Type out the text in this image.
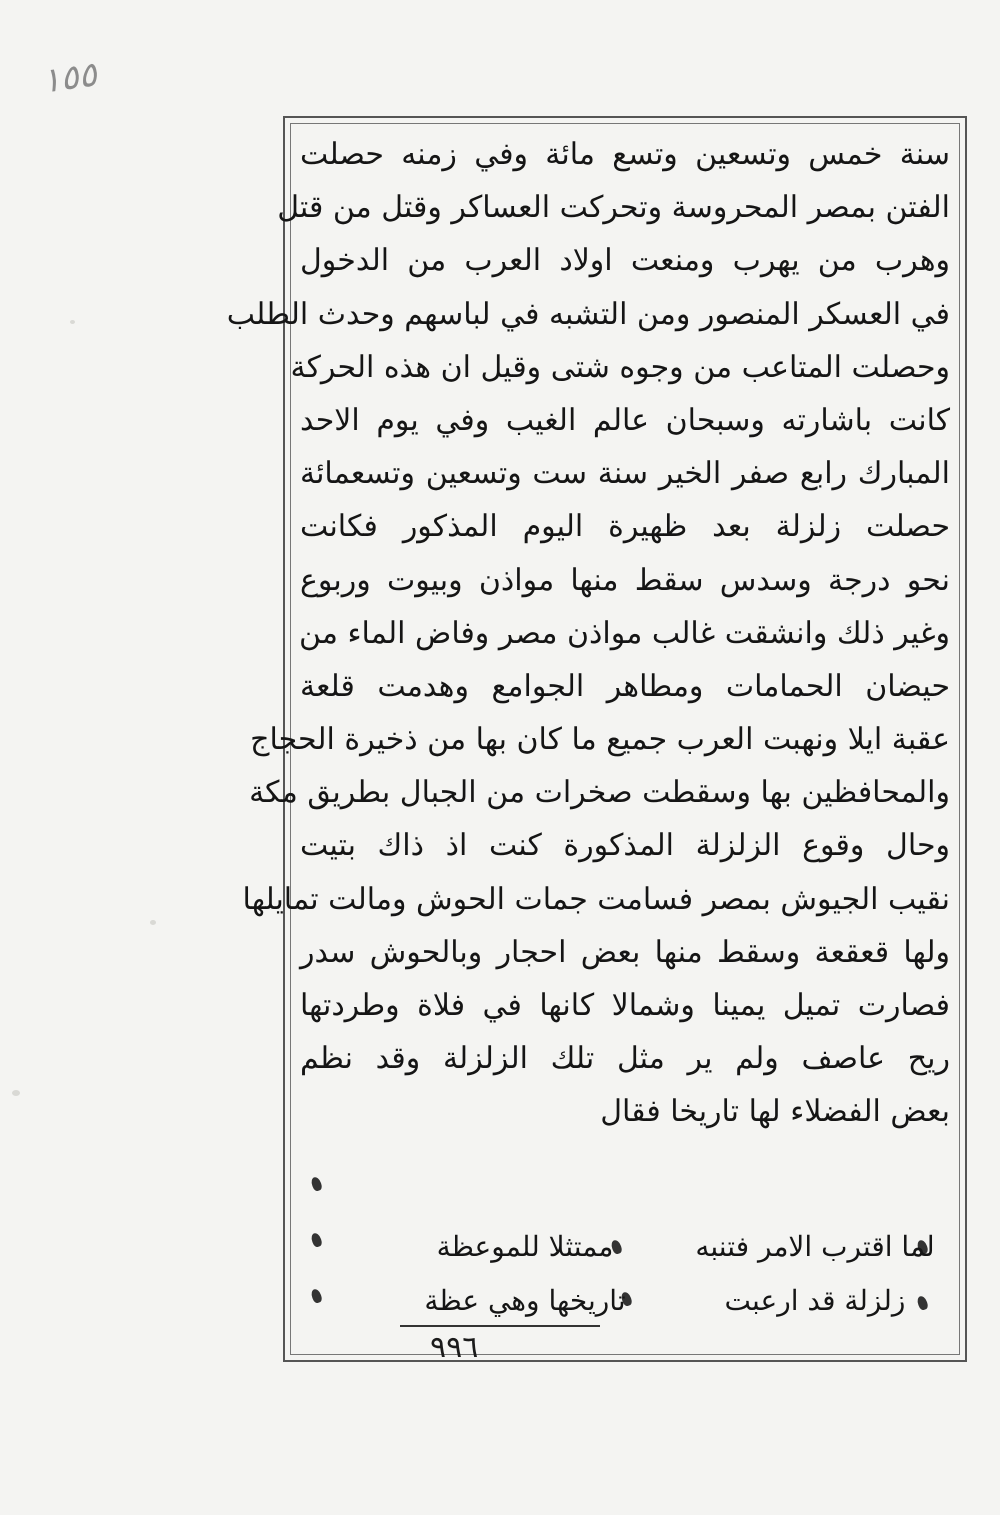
١٥٥
سنة خمس وتسعين وتسع مائة وفي زمنه حصلت
الفتن بمصر المحروسة وتحركت العساكر وقتل من قتل
وهرب من يهرب ومنعت اولاد العرب من الدخول
في العسكر المنصور ومن التشبه في لباسهم وحدث الطلب
وحصلت المتاعب من وجوه شتى وقيل ان هذه الحركة
كانت باشارته وسبحان عالم الغيب وفي يوم الاحد
المبارك رابع صفر الخير سنة ست وتسعين وتسعمائة
حصلت زلزلة بعد ظهيرة اليوم المذكور فكانت
نحو درجة وسدس سقط منها مواذن وبيوت وربوع
وغير ذلك وانشقت غالب مواذن مصر وفاض الماء من
حيضان الحمامات ومطاهر الجوامع وهدمت قلعة
عقبة ايلا ونهبت العرب جميع ما كان بها من ذخيرة الحجاج
والمحافظين بها وسقطت صخرات من الجبال بطريق مكة
وحال وقوع الزلزلة المذكورة كنت اذ ذاك بتيت
نقيب الجيوش بمصر فسامت جمات الحوش ومالت تمايلها
ولها قعقعة وسقط منها بعض احجار وبالحوش سدر
فصارت تميل يمينا وشمالا كانها في فلاة وطردتها
ريح عاصف ولم ير مثل تلك الزلزلة وقد نظم
بعض الفضلاء لها تاريخا فقال
لما اقترب الامر فتنبه
ممتثلا للموعظة
زلزلة قد ارعبت
تاريخها وهي عظة
٩٩٦
